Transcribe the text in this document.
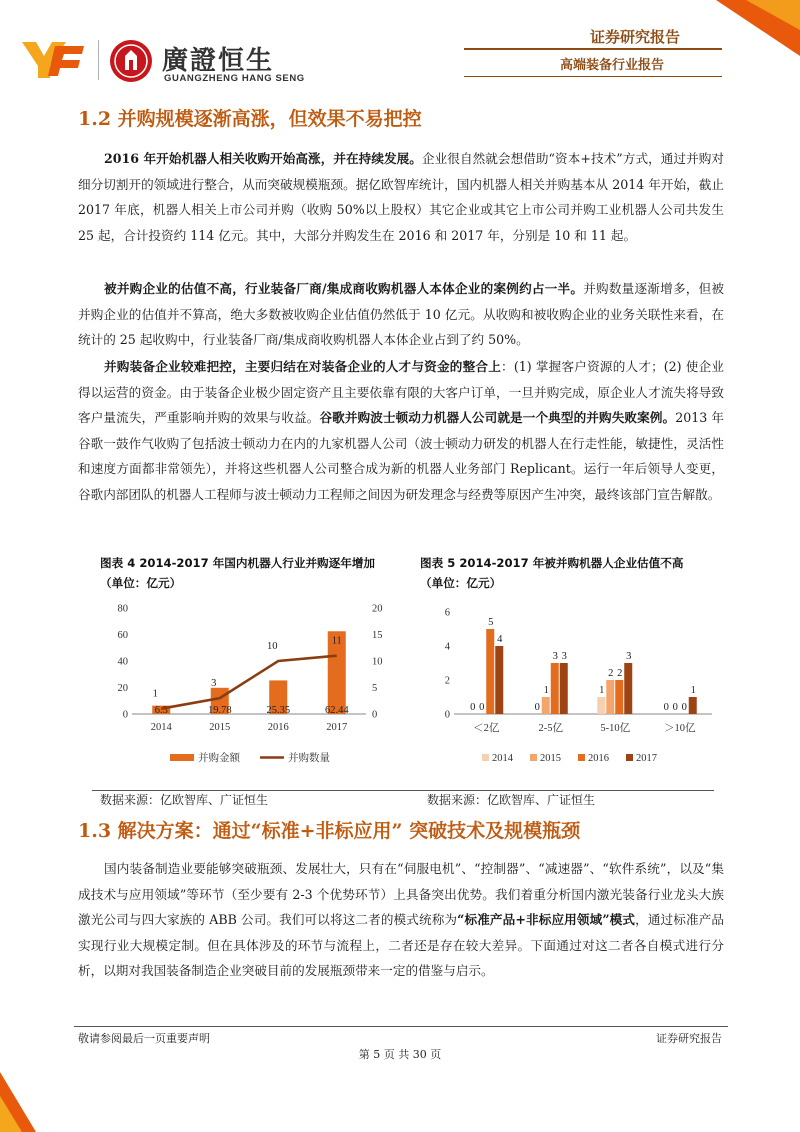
廣證恒生
GUANGZHENG HANG SENG
证券研究报告
高端装备行业报告
1.2 并购规模逐渐高涨，但效果不易把控

2016 年开始机器人相关收购开始高涨，并在持续发展。企业很自然就会想借助“资本+技术”方式，通过并购对细分切割开的领域进行整合，从而突破规模瓶颈。据亿欧智库统计，国内机器人相关并购基本从 2014 年开始，截止 2017 年底，机器人相关上市公司并购（收购 50%以上股权）其它企业或其它上市公司并购工业机器人公司共发生 25 起，合计投资约 114 亿元。其中，大部分并购发生在 2016 和 2017 年，分别是 10 和 11 起。

被并购企业的估值不高，行业装备厂商/集成商收购机器人本体企业的案例约占一半。并购数量逐渐增多，但被并购企业的估值并不算高，绝大多数被收购企业估值仍然低于 10 亿元。从收购和被收购企业的业务关联性来看，在统计的 25 起收购中，行业装备厂商/集成商收购机器人本体企业占到了约 50%。

并购装备企业较难把控，主要归结在对装备企业的人才与资金的整合上：(1) 掌握客户资源的人才；(2) 使企业得以运营的资金。由于装备企业极少固定资产且主要依靠有限的大客户订单，一旦并购完成，原企业人才流失将导致客户量流失，严重影响并购的效果与收益。谷歌并购波士顿动力机器人公司就是一个典型的并购失败案例。2013 年谷歌一鼓作气收购了包括波士顿动力在内的九家机器人公司（波士顿动力研发的机器人在行走性能，敏捷性，灵活性和速度方面都非常领先），并将这些机器人公司整合成为新的机器人业务部门 Replicant。运行一年后领导人变更，谷歌内部团队的机器人工程师与波士顿动力工程师之间因为研发理念与经费等原因产生冲突，最终该部门宣告解散。

图表 4 2014-2017 年国内机器人行业并购逐年增加
（单位：亿元）
图表 5 2014-2017 年被并购机器人企业估值不高
（单位：亿元）
0
20
40
60
80
0
5
10
15
20
6.3
2014
19.78
2015
25.35
2016
62.44
2017
1
3
10	11
并购金额	并购数量
0
2
4
6
0 0
5
4
＜2亿
0
1
3 3
2-5亿
1
2 2
3
5-10亿
0 0 0
1
＞10亿
2014	2015	2016	2017
数据来源：亿欧智库、广证恒生	数据来源：亿欧智库、广证恒生
1.3 解决方案：通过“标准+非标应用” 突破技术及规模瓶颈

国内装备制造业要能够突破瓶颈、发展壮大，只有在“伺服电机”、“控制器”、“减速器”、“软件系统”，以及“集成技术与应用领域”等环节（至少要有 2-3 个优势环节）上具备突出优势。我们着重分析国内激光装备行业龙头大族激光公司与四大家族的 ABB 公司。我们可以将这二者的模式统称为“标准产品+非标应用领域”模式，通过标准产品实现行业大规模定制。但在具体涉及的环节与流程上，二者还是存在较大差异。下面通过对这二者各自模式进行分析，以期对我国装备制造企业突破目前的发展瓶颈带来一定的借鉴与启示。

敬请参阅最后一页重要声明	证券研究报告
第 5 页 共 30 页
